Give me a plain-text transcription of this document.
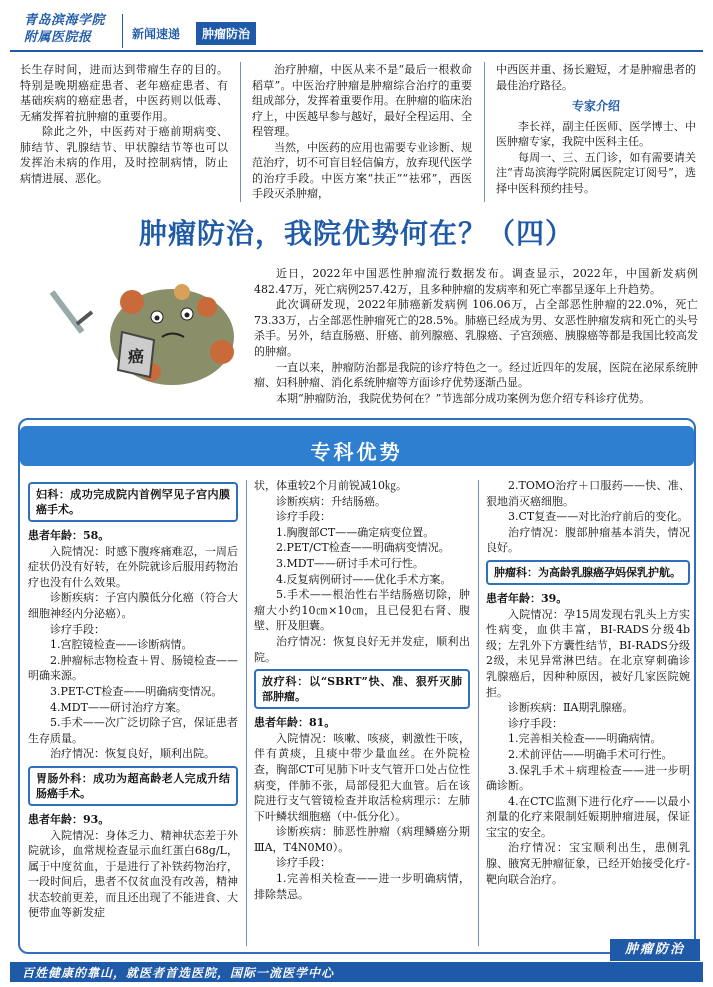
青岛滨海学院
附属医院报	新闻速递	肿瘤防治

长生存时间，进而达到带瘤生存的目的。特别是晚期癌症患者、老年癌症患者、有基础疾病的癌症患者，中医药则以低毒、无痛发挥着抗肿瘤的重要作用。

除此之外，中医药对于癌前期病变、肺结节、乳腺结节、甲状腺结节等也可以发挥治未病的作用，及时控制病情，防止病情进展、恶化。

治疗肿瘤，中医从来不是“最后一根救命稻草”。中医治疗肿瘤是肿瘤综合治疗的重要组成部分，发挥着重要作用。在肿瘤的临床治疗上，中医越早参与越好，最好全程运用、全程管理。

当然，中医药的应用也需要专业诊断、规范治疗，切不可盲目轻信偏方，放弃现代医学的治疗手段。中医方案“扶正”“祛邪”，西医手段灭杀肿瘤，

中西医并重、扬长避短，才是肿瘤患者的最佳治疗路径。

专家介绍

李长祥，副主任医师、医学博士、中医肿瘤专家，我院中医科主任。

每周一、三、五门诊，如有需要请关注“青岛滨海学院附属医院定订阅号”，选择中医科预约挂号。

肿瘤防治，我院优势何在？（四）
癌

近日，2022年中国恶性肿瘤流行数据发布。调查显示，2022年，中国新发病例482.47万，死亡病例257.42万，且多种肿瘤的发病率和死亡率都呈逐年上升趋势。

此次调研发现，2022年肺癌新发病例 106.06万，占全部恶性肿瘤的22.0%，死亡73.33万，占全部恶性肿瘤死亡的28.5%。肺癌已经成为男、女恶性肿瘤发病和死亡的头号杀手。另外，结直肠癌、肝癌、前列腺癌、乳腺癌、子宫颈癌、胰腺癌等都是我国比较高发的肿瘤。

一直以来，肿瘤防治都是我院的诊疗特色之一。经过近四年的发展，医院在泌尿系统肿瘤、妇科肿瘤、消化系统肿瘤等方面诊疗优势逐渐凸显。

本期“肿瘤防治，我院优势何在？”节选部分成功案例为您介绍专科诊疗优势。

专科优势
妇科：成功完成院内首例罕见子宫内膜癌手术。

患者年龄：58。

入院情况：时感下腹疼痛难忍，一周后症状仍没有好转，在外院就诊后服用药物治疗也没有什么效果。

诊断疾病：子宫内膜低分化癌（符合大细胞神经内分泌癌）。

诊疗手段：

1.宫腔镜检查——诊断病情。

2.肿瘤标志物检查＋胃、肠镜检查——明确来源。

3.PET-CT检查——明确病变情况。

4.MDT——研讨治疗方案。

5.手术——次广泛切除子宫，保证患者生存质量。

治疗情况：恢复良好，顺利出院。

胃肠外科：成功为超高龄老人完成升结肠癌手术。

患者年龄：93。

入院情况：身体乏力、精神状态差于外院就诊，血常规检查显示血红蛋白68g/L，属于中度贫血，于是进行了补铁药物治疗，一段时间后，患者不仅贫血没有改善，精神状态较前更差，而且还出现了不能进食、大便带血等新发症

状，体重较2个月前锐减10㎏。

诊断疾病：升结肠癌。

诊疗手段：

1.胸腹部CT——确定病变位置。

2.PET/CT检查——明确病变情况。

3.MDT——研讨手术可行性。

4.反复病例研讨——优化手术方案。

5.手术——根治性右半结肠癌切除，肿瘤大小约10㎝×10㎝，且已侵犯右肾、腹壁、肝及胆囊。

治疗情况：恢复良好无并发症，顺利出院。

放疗科：以“SBRT”快、准、狠歼灭肺部肿瘤。

患者年龄：81。

入院情况：咳嗽、咳痰，刺激性干咳，伴有黄痰，且痰中带少量血丝。在外院检查，胸部CT可见肺下叶支气管开口处占位性病变，伴肺不张，局部侵犯大血管。后在该院进行支气管镜检查并取活检病理示：左肺下叶鳞状细胞癌（中-低分化）。

诊断疾病：肺恶性肿瘤（病理鳞癌分期ⅢA，T4N0M0）。

诊疗手段：

1.完善相关检查——进一步明确病情，排除禁忌。

2.TOMO治疗＋口服药——快、准、狠地消灭癌细胞。

3.CT复查——对比治疗前后的变化。

治疗情况：腹部肿瘤基本消失，情况良好。

肿瘤科：为高龄乳腺癌孕妈保乳护航。

患者年龄：39。

入院情况：孕15周发现右乳头上方实性病变，血供丰富，BI-RADS分级4b级；左乳外下方囊性结节，BI-RADS分级 2级，未见异常淋巴结。在北京穿刺确诊乳腺癌后，因种种原因，被好几家医院婉拒。

诊断疾病：ⅡA期乳腺癌。

诊疗手段：

1.完善相关检查——明确病情。

2.术前评估——明确手术可行性。

3.保乳手术＋病理检查——进一步明确诊断。

4.在CTC监测下进行化疗——以最小剂量的化疗来限制妊娠期肿瘤进展，保证宝宝的安全。

治疗情况：宝宝顺利出生，患侧乳腺、腋窝无肿瘤征象，已经开始接受化疗-靶向联合治疗。

肿瘤防治
百姓健康的靠山，就医者首选医院，国际一流医学中心
